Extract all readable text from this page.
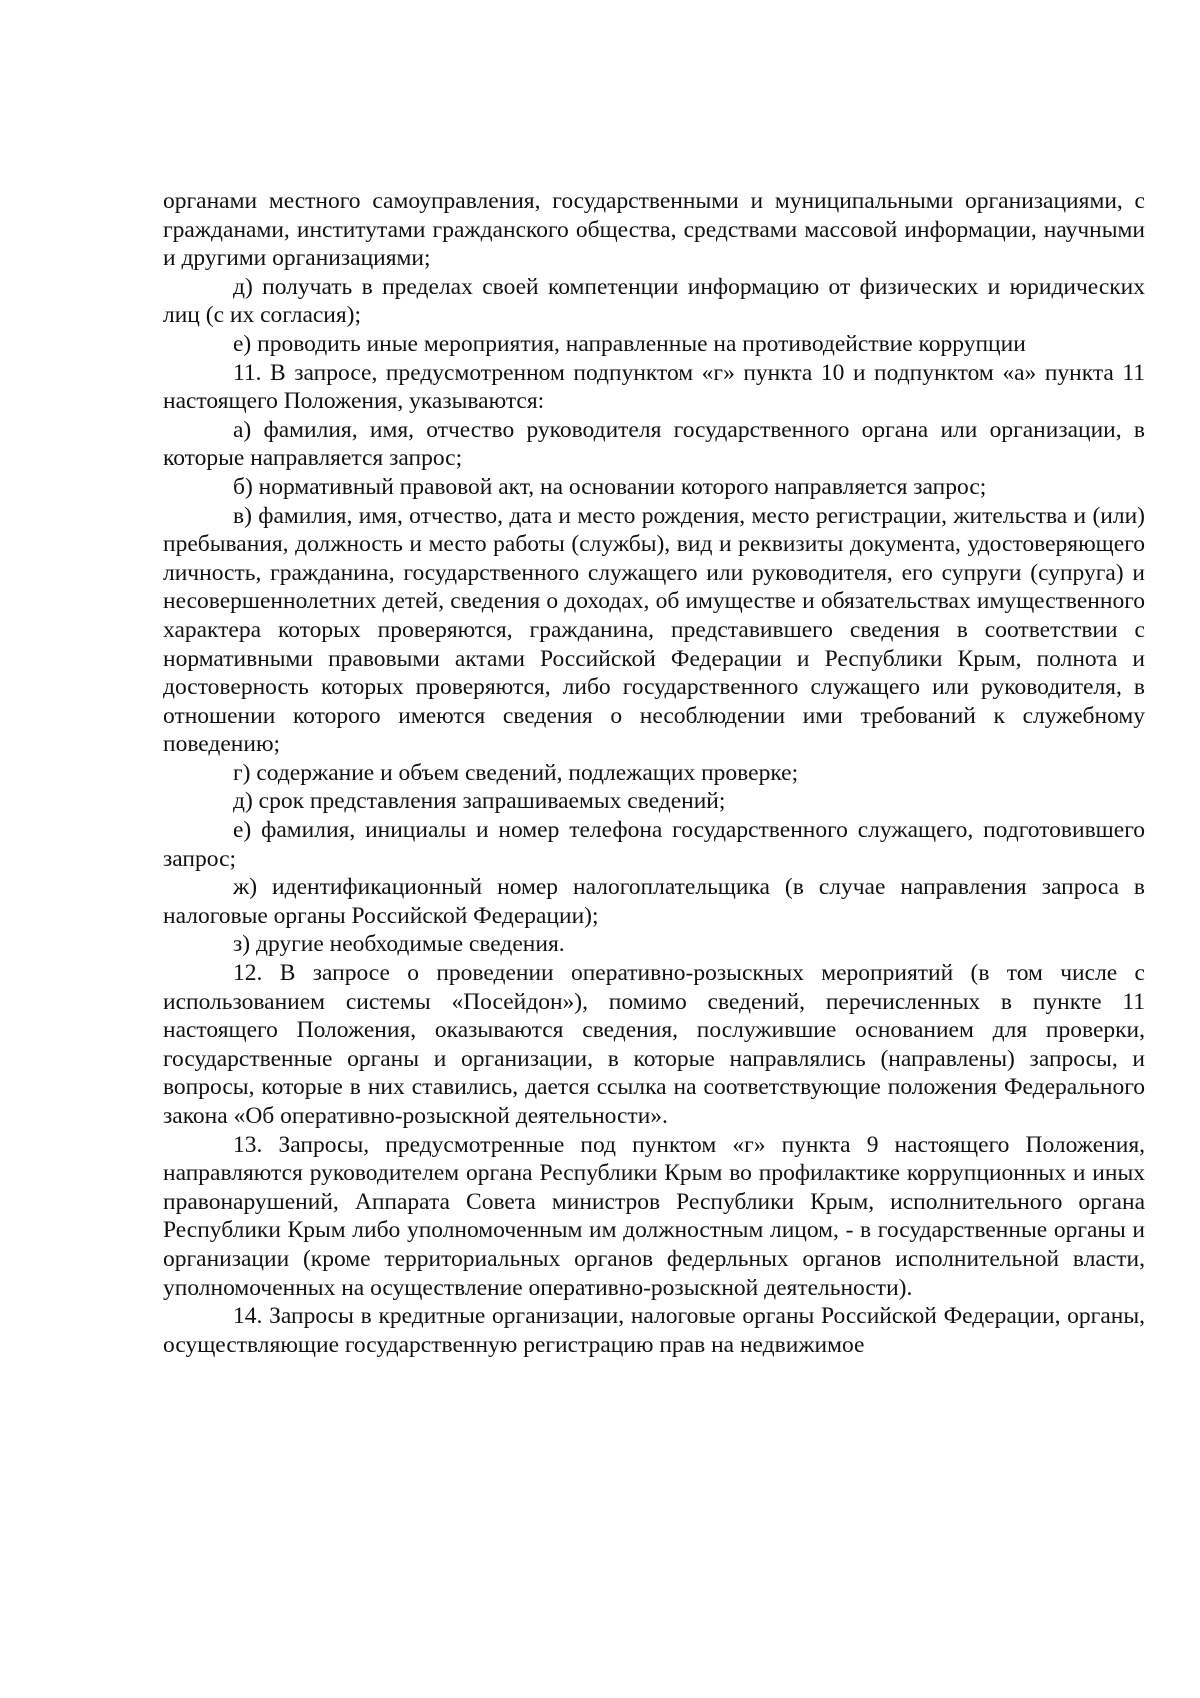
органами местного самоуправления, государственными и муниципальными организациями, с гражданами, институтами гражданского общества, средствами массовой информации, научными и другими организациями;

д) получать в пределах своей компетенции информацию от физических и юридических лиц (с их согласия);

е) проводить иные мероприятия, направленные на противодействие коррупции

11. В запросе, предусмотренном подпунктом «г» пункта 10 и подпунктом «а» пункта 11 настоящего Положения, указываются:

а) фамилия, имя, отчество руководителя государственного органа или организации, в которые направляется запрос;

б) нормативный правовой акт, на основании которого направляется запрос;

в) фамилия, имя, отчество, дата и место рождения, место регистрации, жительства и (или) пребывания, должность и место работы (службы), вид и реквизиты документа, удостоверяющего личность, гражданина, государственного служащего или руководителя, его супруги (супруга) и несовершеннолетних детей, сведения о доходах, об имуществе и обязательствах имущественного характера которых проверяются, гражданина, представившего сведения в соответствии с нормативными правовыми актами Российской Федерации и Республики Крым, полнота и достоверность которых проверяются, либо государственного служащего или руководителя, в отношении которого имеются сведения о несоблюдении ими требований к служебному поведению;

г) содержание и объем сведений, подлежащих проверке;

д) срок представления запрашиваемых сведений;

е) фамилия, инициалы и номер телефона государственного служащего, подготовившего запрос;

ж) идентификационный номер налогоплательщика (в случае направления запроса в налоговые органы Российской Федерации);

з) другие необходимые сведения.

12. В запросе о проведении оперативно-розыскных мероприятий (в том числе с использованием системы «Посейдон»), помимо сведений, перечисленных в пункте 11 настоящего Положения, оказываются сведения, послужившие основанием для проверки, государственные органы и организации, в которые направлялись (направлены) запросы, и вопросы, которые в них ставились, дается ссылка на соответствующие положения Федерального закона «Об оперативно-розыскной деятельности».

13. Запросы, предусмотренные под пунктом «г» пункта 9 настоящего Положения, направляются руководителем органа Республики Крым во профилактике коррупционных и иных правонарушений, Аппарата Совета министров Республики Крым, исполнительного органа Республики Крым либо уполномоченным им должностным лицом, - в государственные органы и организации (кроме территориальных органов федерльных органов исполнительной власти, уполномоченных на осуществление оперативно-розыскной деятельности).

14. Запросы в кредитные организации, налоговые органы Российской Федерации, органы, осуществляющие государственную регистрацию прав на недвижимое
